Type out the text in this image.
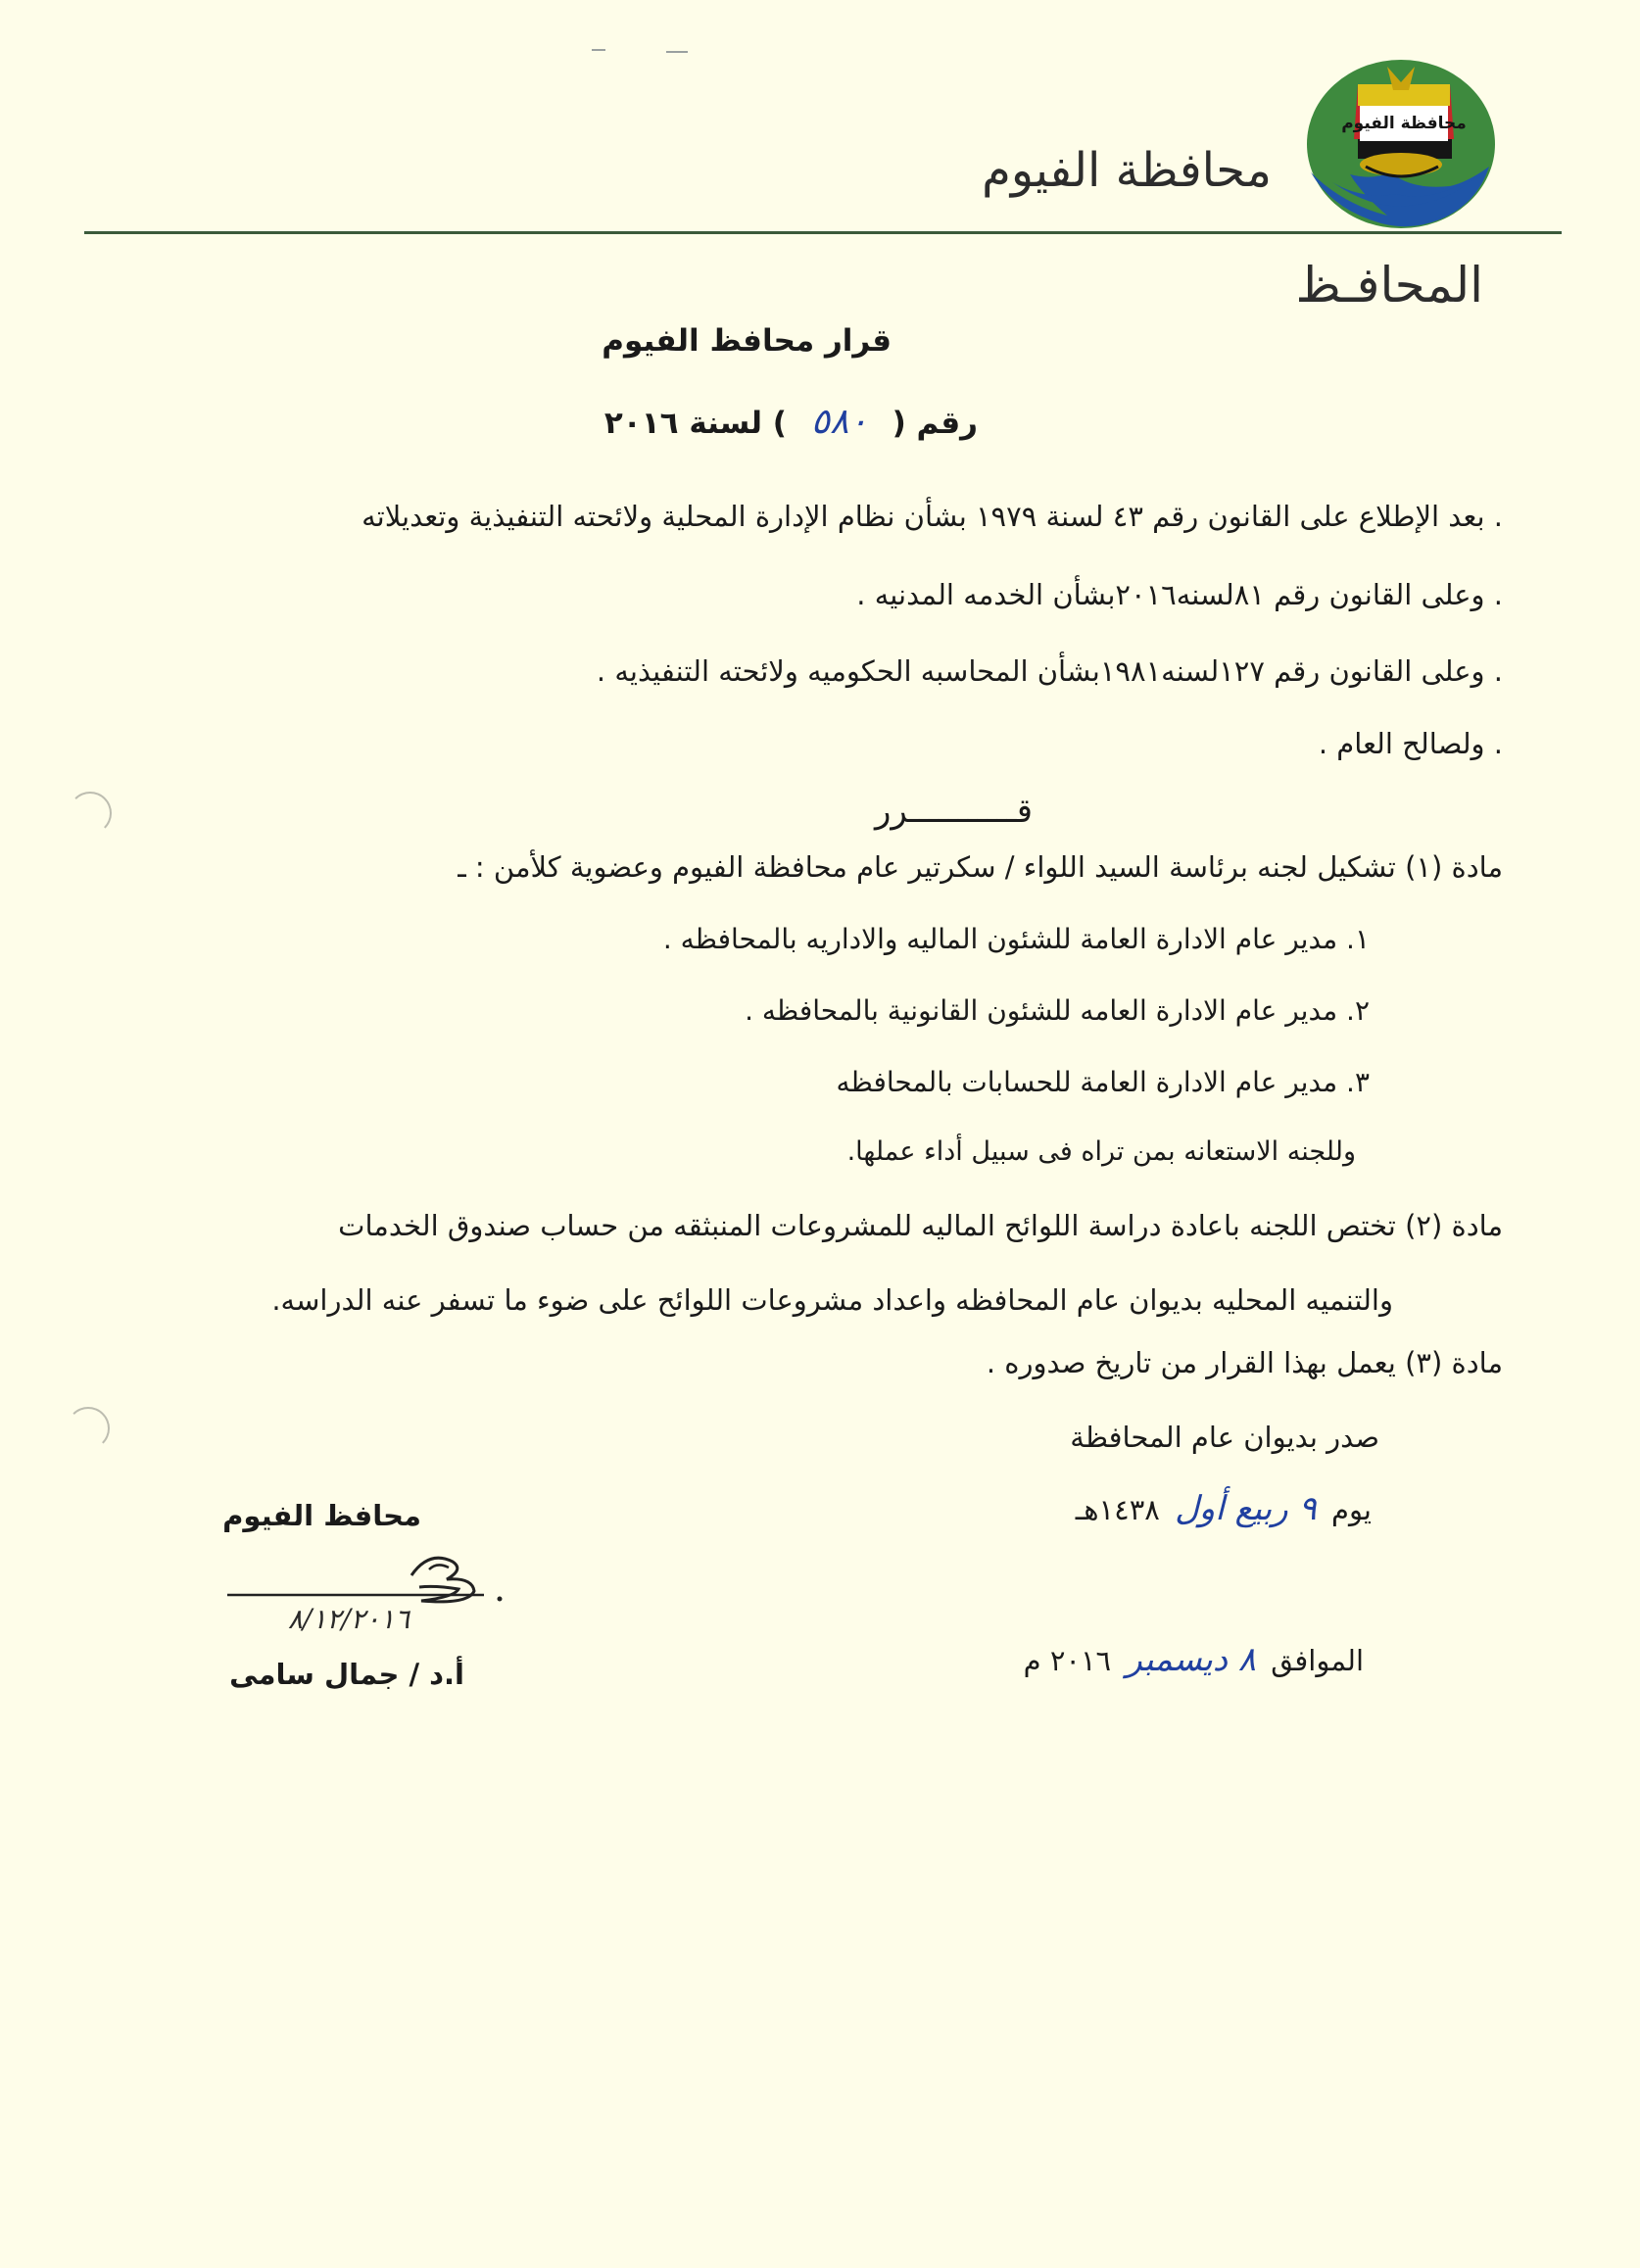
محافظة الفيوم
محافظة الفيوم
المحافـظ
قرار محافظ الفيوم
رقم ( ٥٨٠ ) لسنة ٢٠١٦
. بعد الإطلاع على القانون رقم ٤٣ لسنة ١٩٧٩ بشأن نظام الإدارة المحلية ولائحته التنفيذية وتعديلاته
. وعلى القانون رقم ٨١لسنه٢٠١٦بشأن الخدمه المدنيه .
. وعلى القانون رقم ١٢٧لسنه١٩٨١بشأن المحاسبه الحكوميه ولائحته التنفيذيه .
. ولصالح العام .
قـــــــــــرر
مادة (١) تشكيل لجنه برئاسة السيد اللواء / سكرتير عام محافظة الفيوم وعضوية كلأمن : ـ
١. مدير عام الادارة العامة للشئون الماليه والاداريه بالمحافظه .
٢. مدير عام الادارة العامه للشئون القانونية بالمحافظه .
٣. مدير عام الادارة العامة للحسابات بالمحافظه
وللجنه الاستعانه بمن تراه فى سبيل أداء عملها.
مادة (٢) تختص اللجنه باعادة دراسة اللوائح الماليه للمشروعات المنبثقه من حساب صندوق الخدمات
والتنميه المحليه بديوان عام المحافظه واعداد مشروعات اللوائح على ضوء ما تسفر عنه الدراسه.
مادة (٣) يعمل بهذا القرار من تاريخ صدوره .
صدر بديوان عام المحافظة
يوم ٩ ربيع أول ١٤٣٨هـ
الموافق ٨ ديسمبر ٢٠١٦ م
محافظ الفيوم
٨/١٢/٢٠١٦
أ.د / جمال سامى
